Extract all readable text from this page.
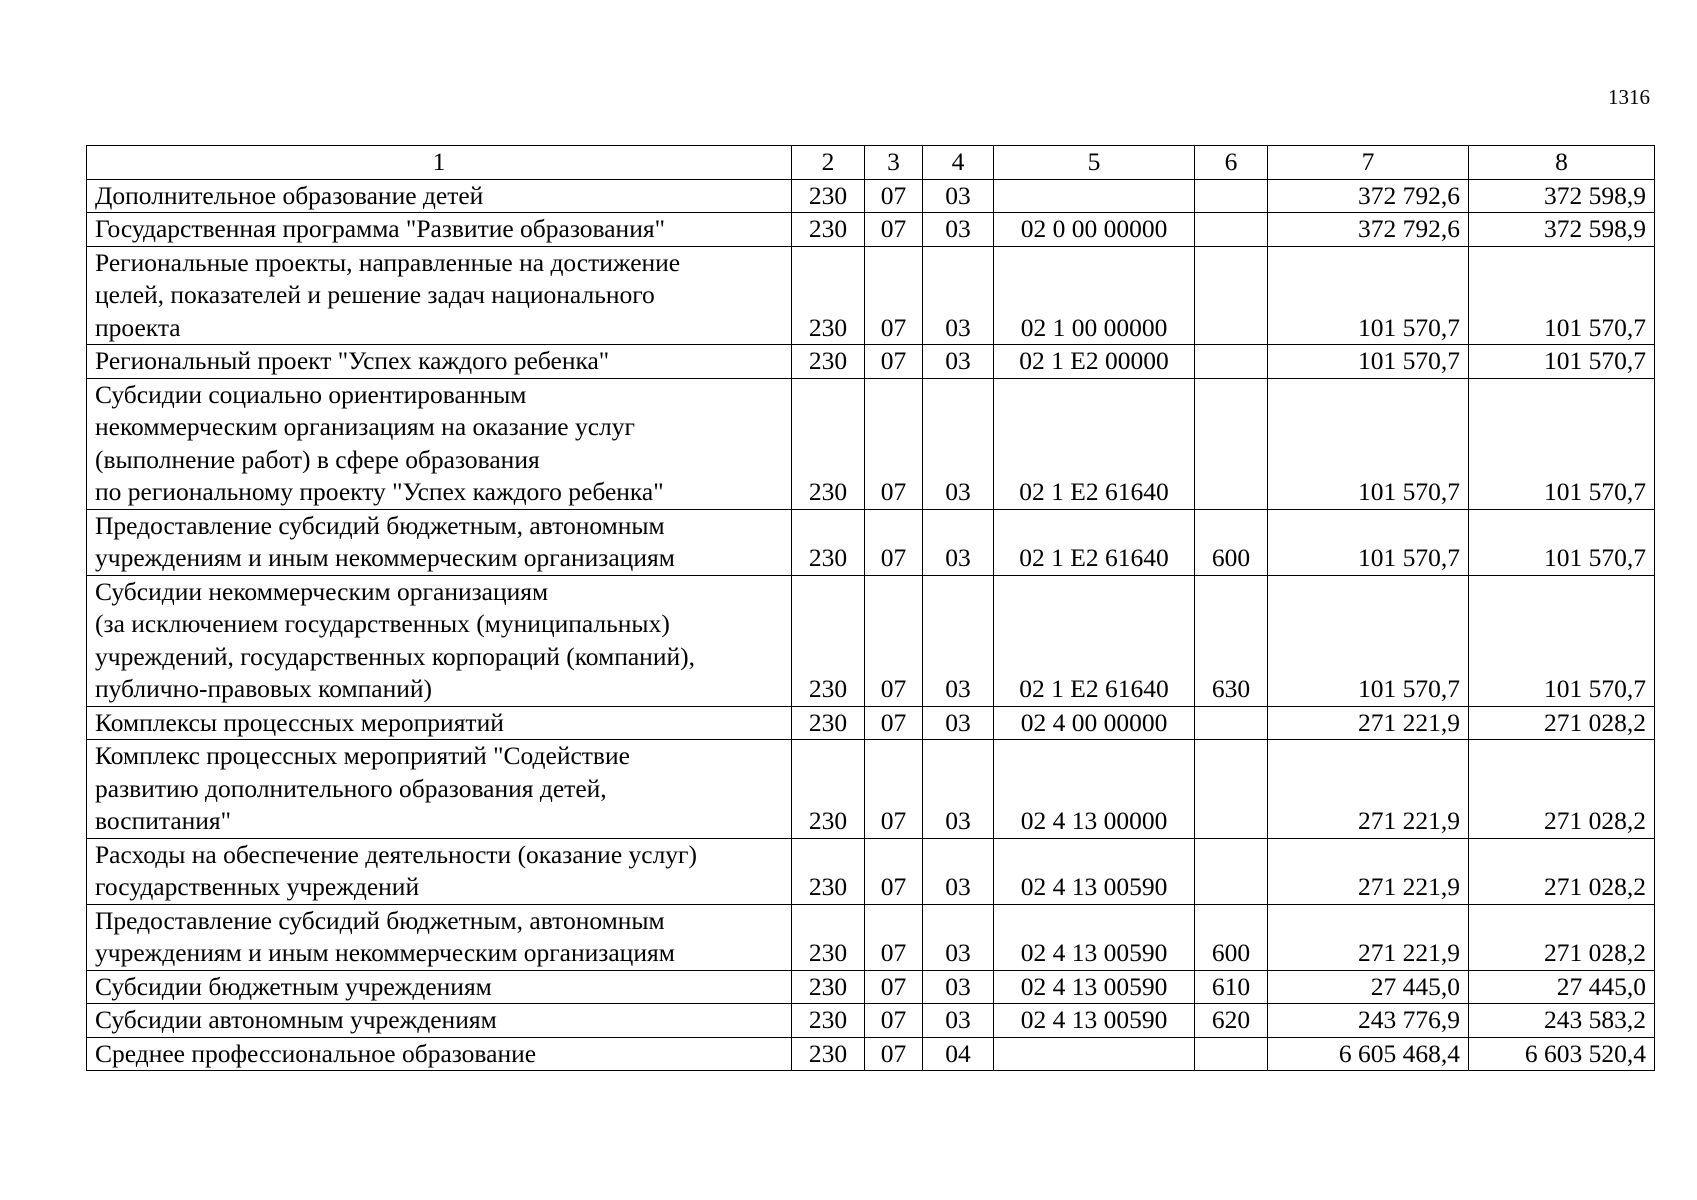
1316
1	2	3	4	5	6	7	8
Дополнительное образование детей	230	07	03			372 792,6	372 598,9
Государственная программа "Развитие образования"	230	07	03	02 0 00 00000		372 792,6	372 598,9
Региональные проекты, направленные на достижение
целей, показателей и решение задач национального
проекта	230	07	03	02 1 00 00000		101 570,7	101 570,7
Региональный проект "Успех каждого ребенка"	230	07	03	02 1 E2 00000		101 570,7	101 570,7
Субсидии социально ориентированным
некоммерческим организациям на оказание услуг
(выполнение работ) в сфере образования
по региональному проекту "Успех каждого ребенка"	230	07	03	02 1 E2 61640		101 570,7	101 570,7
Предоставление субсидий бюджетным, автономным
учреждениям и иным некоммерческим организациям	230	07	03	02 1 E2 61640	600	101 570,7	101 570,7
Субсидии некоммерческим организациям
(за исключением государственных (муниципальных)
учреждений, государственных корпораций (компаний),
публично-правовых компаний)	230	07	03	02 1 E2 61640	630	101 570,7	101 570,7
Комплексы процессных мероприятий	230	07	03	02 4 00 00000		271 221,9	271 028,2
Комплекс процессных мероприятий "Содействие
развитию дополнительного образования детей,
воспитания"	230	07	03	02 4 13 00000		271 221,9	271 028,2
Расходы на обеспечение деятельности (оказание услуг)
государственных учреждений	230	07	03	02 4 13 00590		271 221,9	271 028,2
Предоставление субсидий бюджетным, автономным
учреждениям и иным некоммерческим организациям	230	07	03	02 4 13 00590	600	271 221,9	271 028,2
Субсидии бюджетным учреждениям	230	07	03	02 4 13 00590	610	27 445,0	27 445,0
Субсидии автономным учреждениям	230	07	03	02 4 13 00590	620	243 776,9	243 583,2
Среднее профессиональное образование	230	07	04			6 605 468,4	6 603 520,4
